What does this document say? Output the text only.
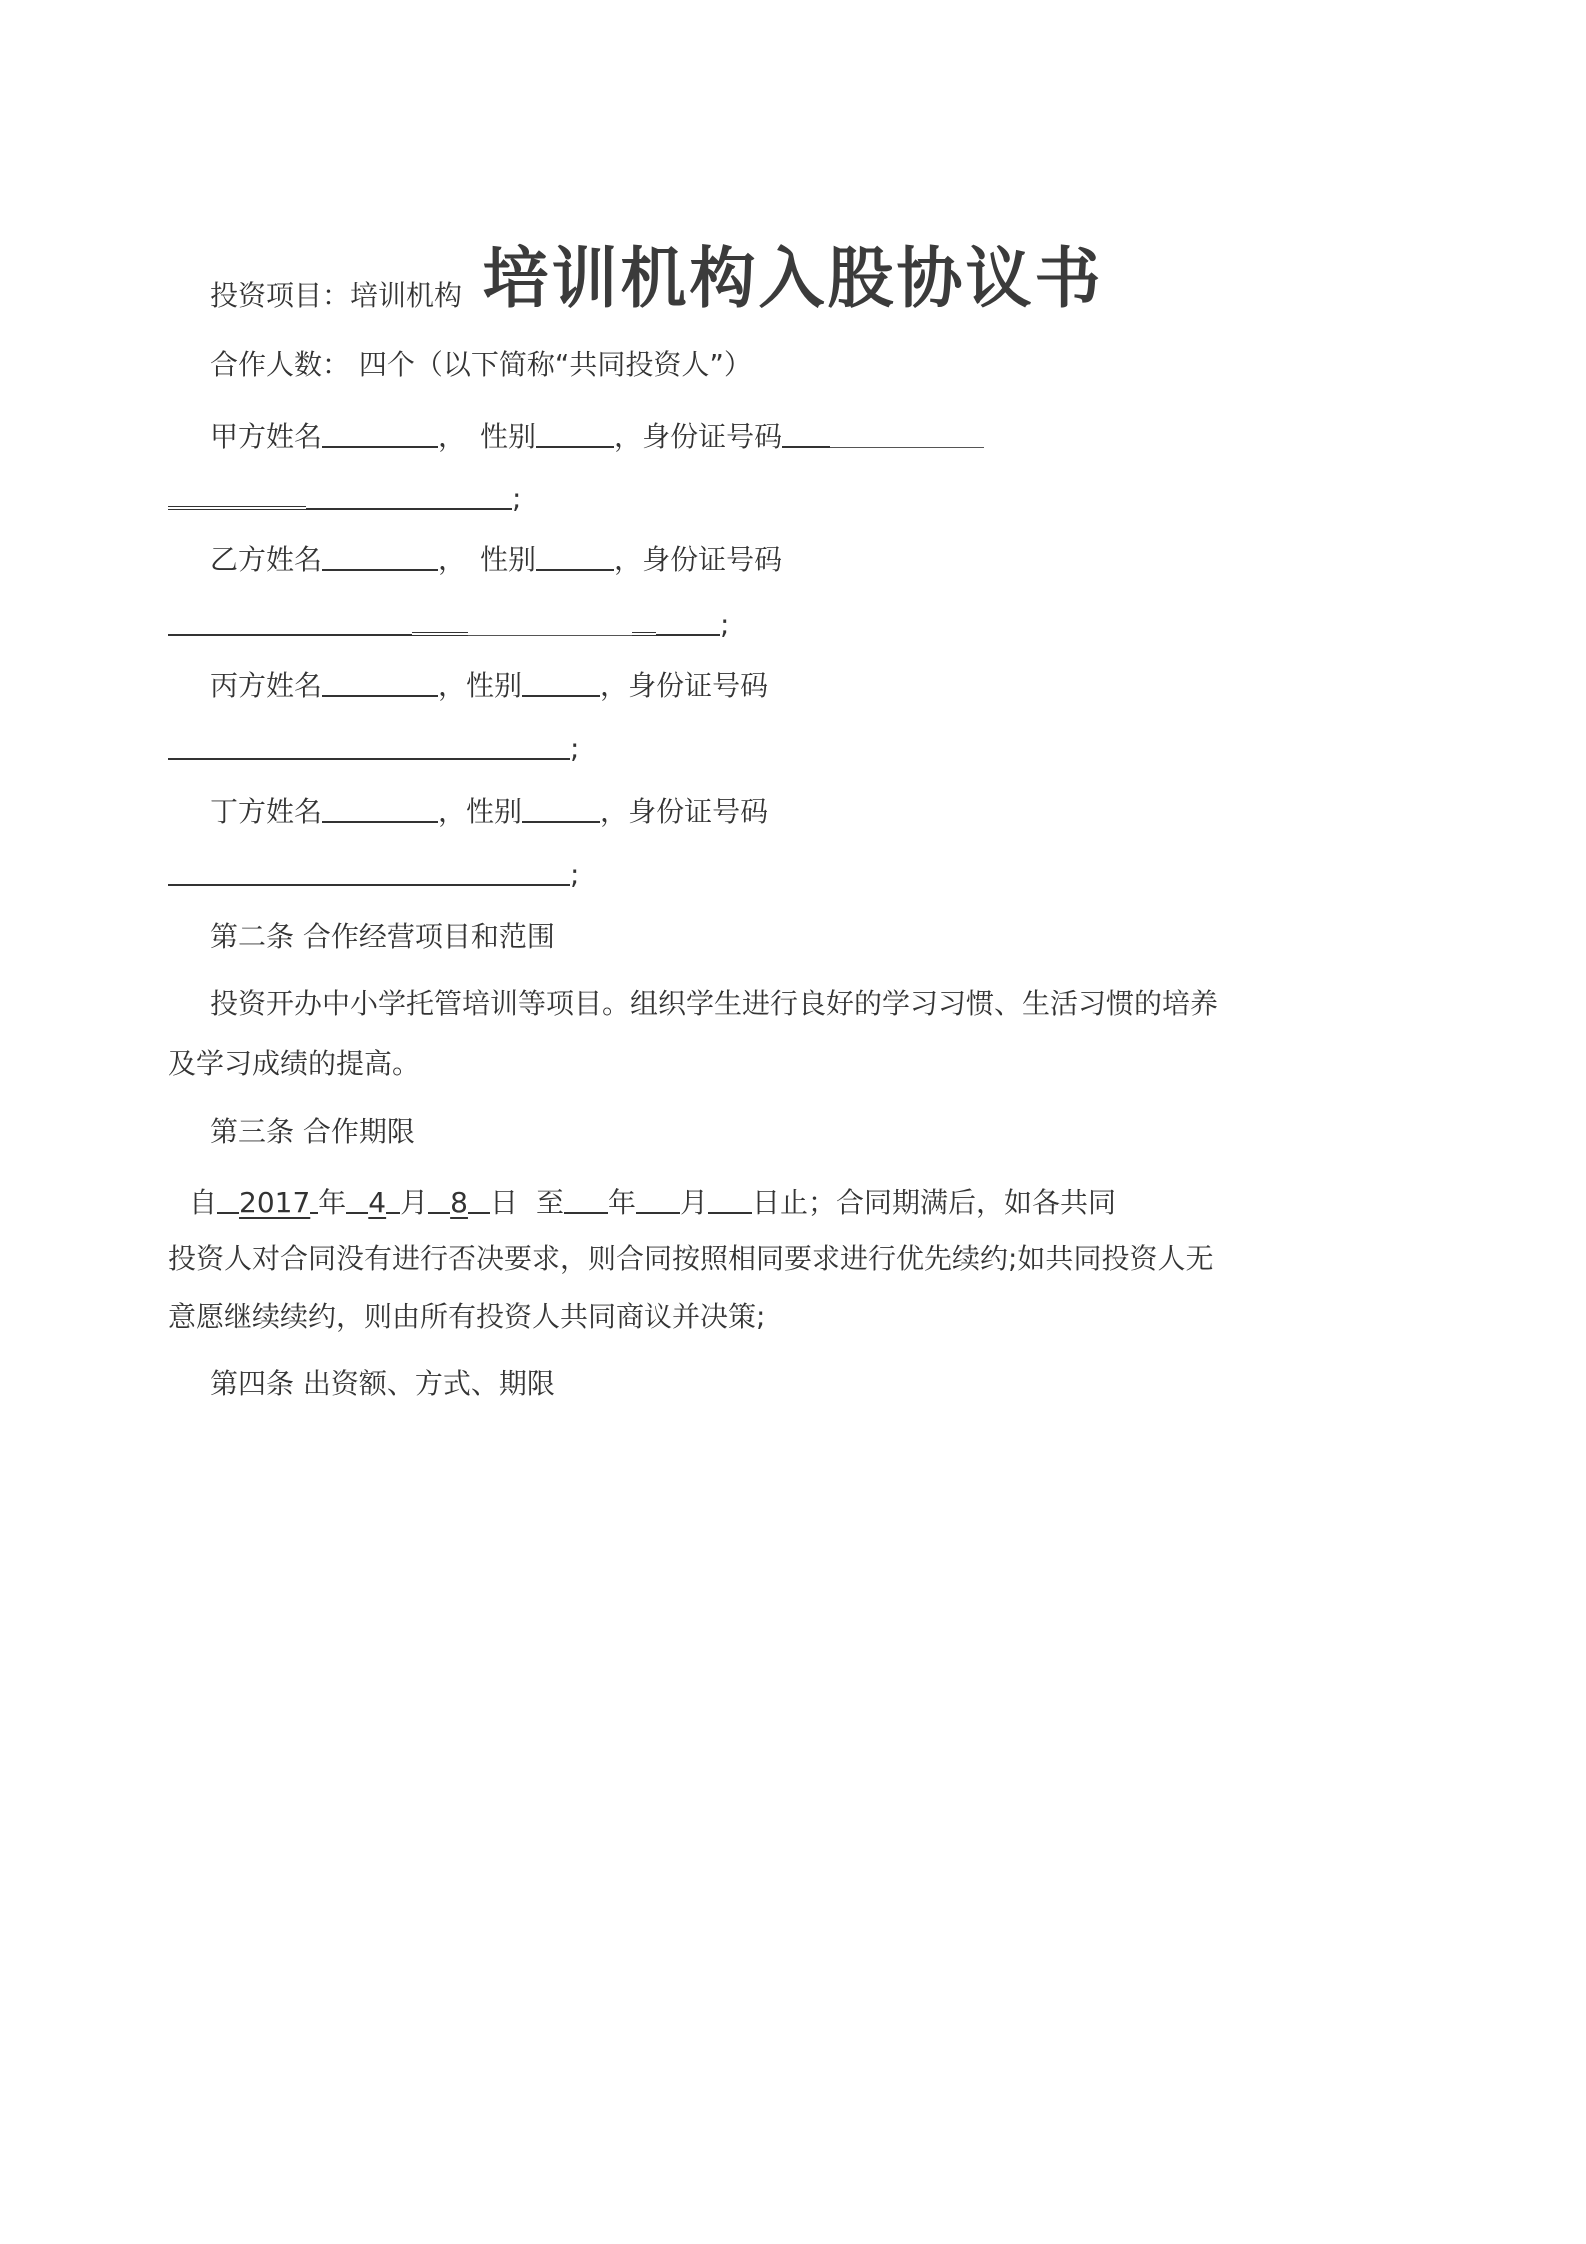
培训机构入股协议书
投资项目：培训机构
合作人数： 四个（以下简称“共同投资人”）
甲方姓名	， 性别	，身份证号码
;
乙方姓名	， 性别	，身份证号码
;
丙方姓名	，性别	，身份证号码
;
丁方姓名	，性别	，身份证号码
;
第二条 合作经营项目和范围
投资开办中小学托管培训等项目。组织学生进行良好的学习习惯、生活习惯的培养
及学习成绩的提高。
第三条 合作期限
自 2017 年 4 月 8 日 至 年 月 日止；合同期满后，如各共同
投资人对合同没有进行否决要求，则合同按照相同要求进行优先续约;如共同投资人无
意愿继续续约，则由所有投资人共同商议并决策;
第四条 出资额、方式、期限
